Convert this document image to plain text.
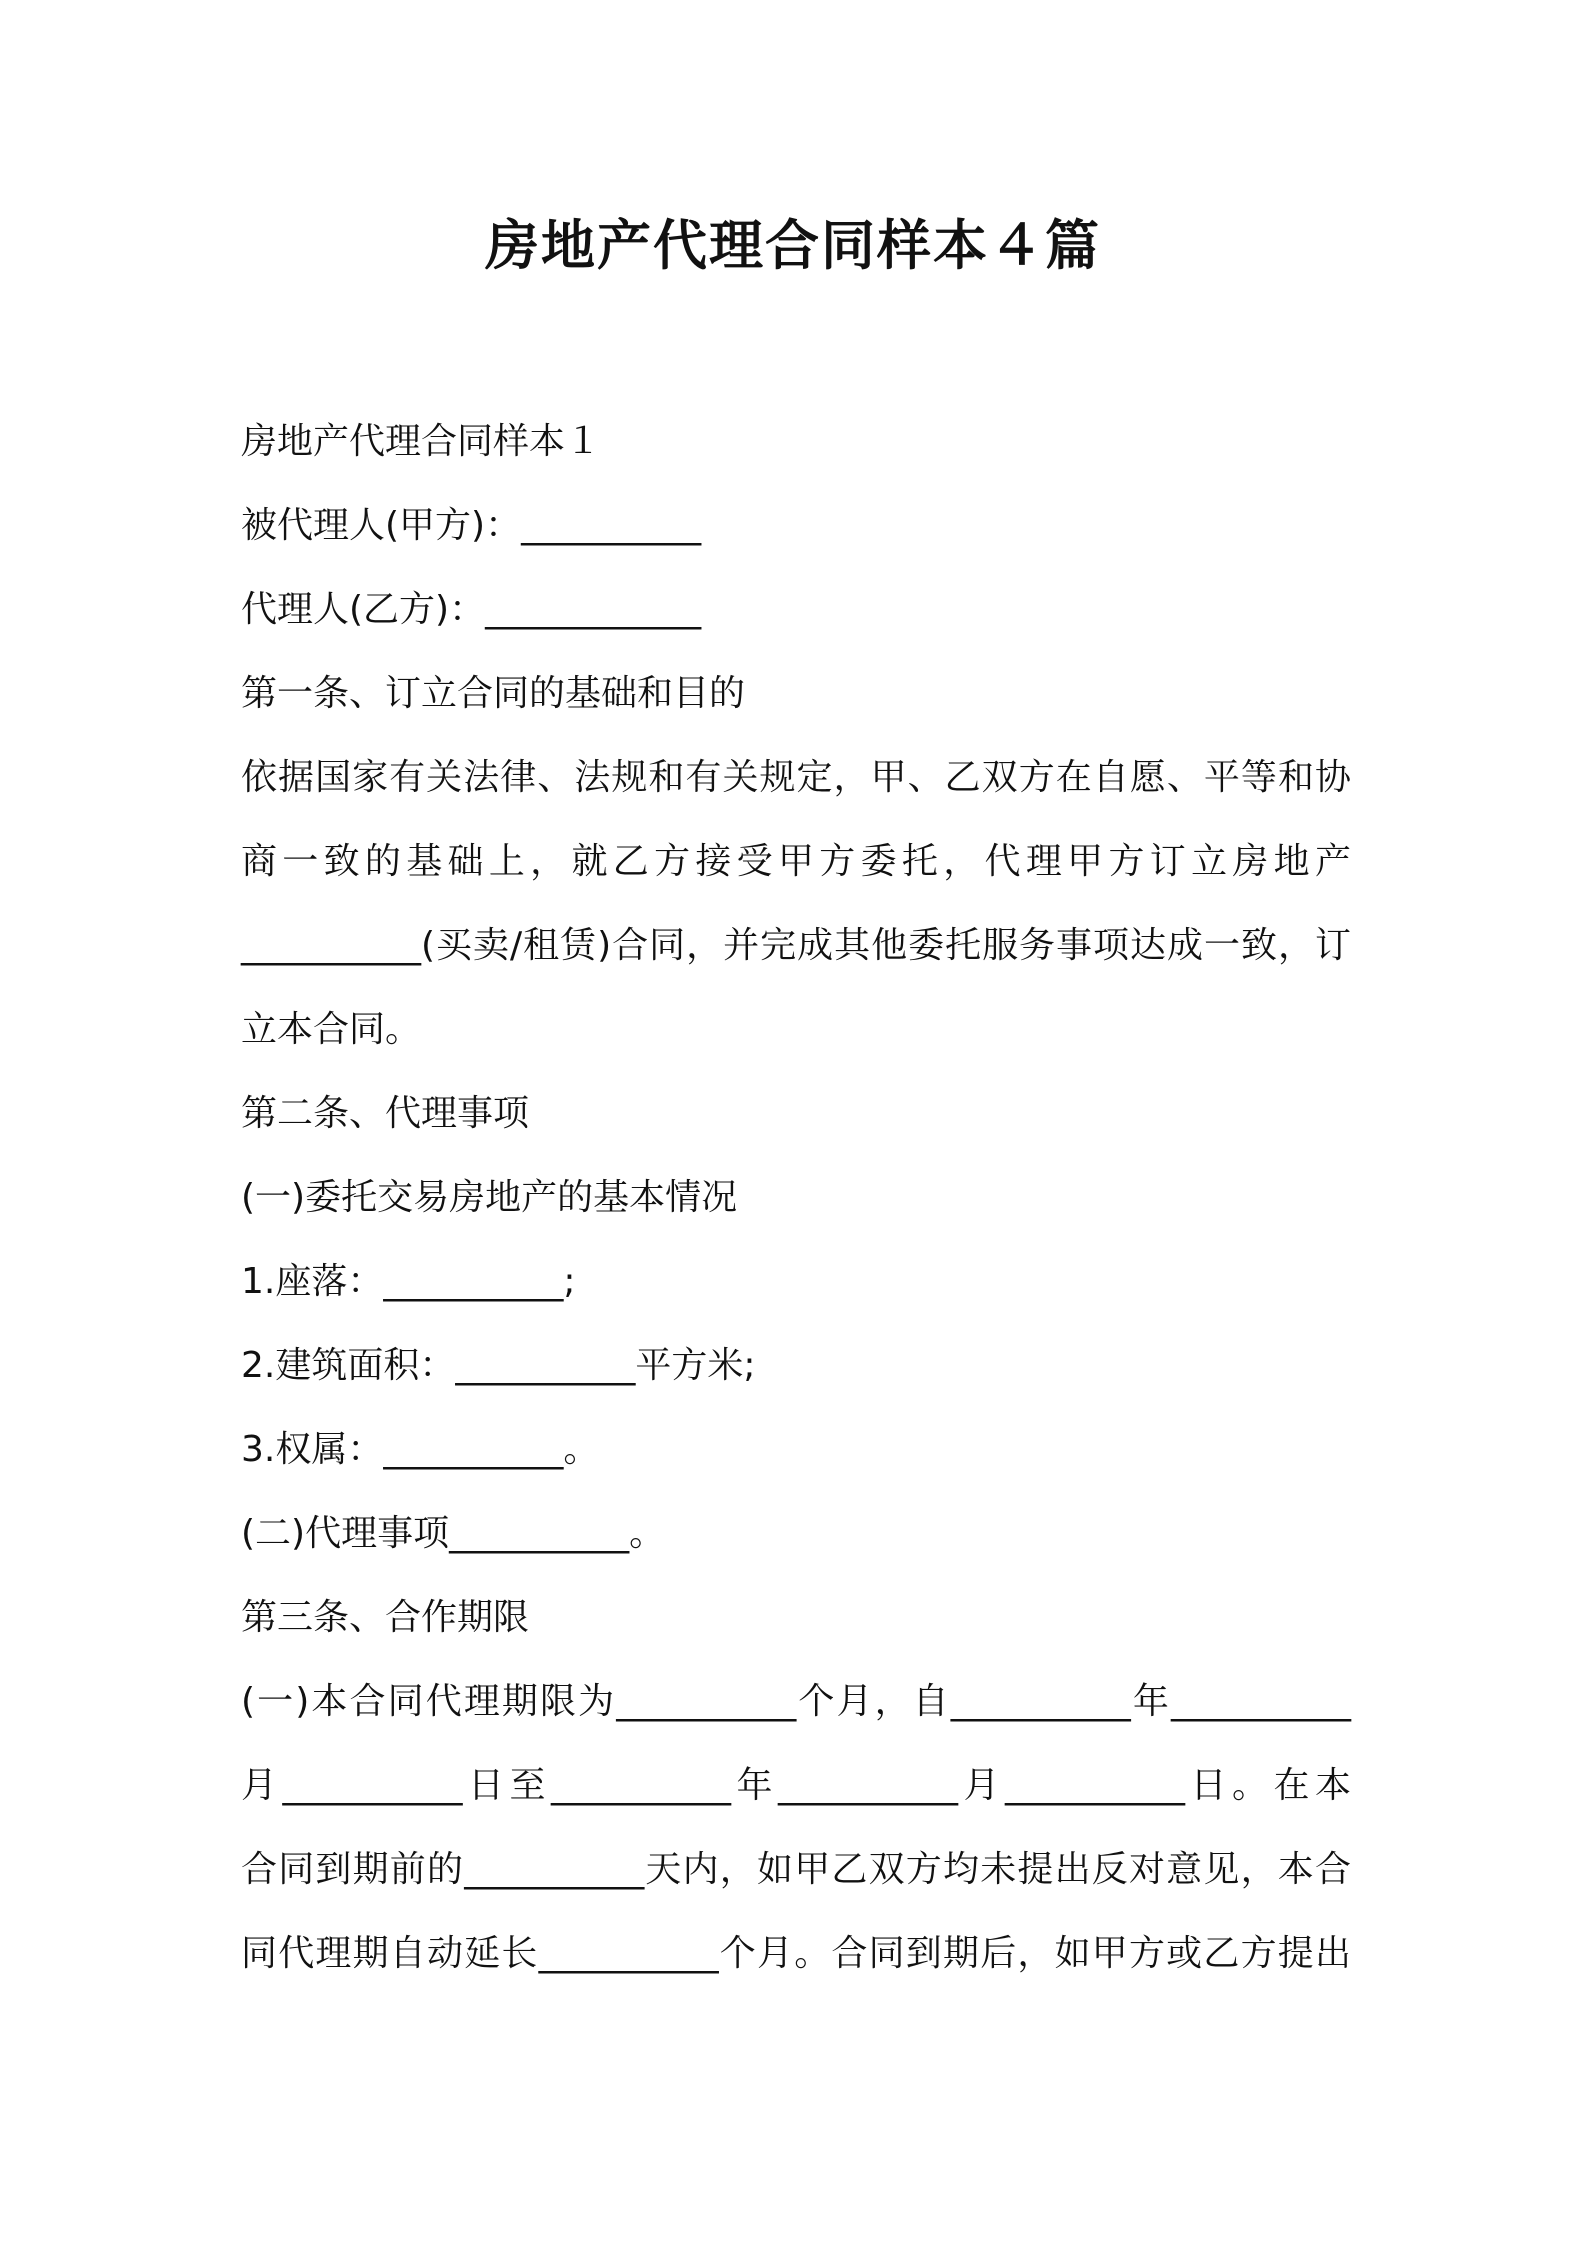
房地产代理合同样本４篇
房地产代理合同样本１
被代理人(甲方)：__________
代理人(乙方)：____________
第一条、订立合同的基础和目的
依据国家有关法律、法规和有关规定，甲、乙双方在自愿、平等和协
商一致的基础上，就乙方接受甲方委托，代理甲方订立房地产
__________(买卖/租赁)合同，并完成其他委托服务事项达成一致，订
立本合同。
第二条、代理事项
(一)委托交易房地产的基本情况
1.座落：__________;
2.建筑面积：__________平方米;
3.权属：__________。
(二)代理事项__________。
第三条、合作期限
(一)本合同代理期限为__________个月，自__________年__________
月__________日至__________年__________月__________日。在本
合同到期前的__________天内，如甲乙双方均未提出反对意见，本合
同代理期自动延长__________个月。合同到期后，如甲方或乙方提出
